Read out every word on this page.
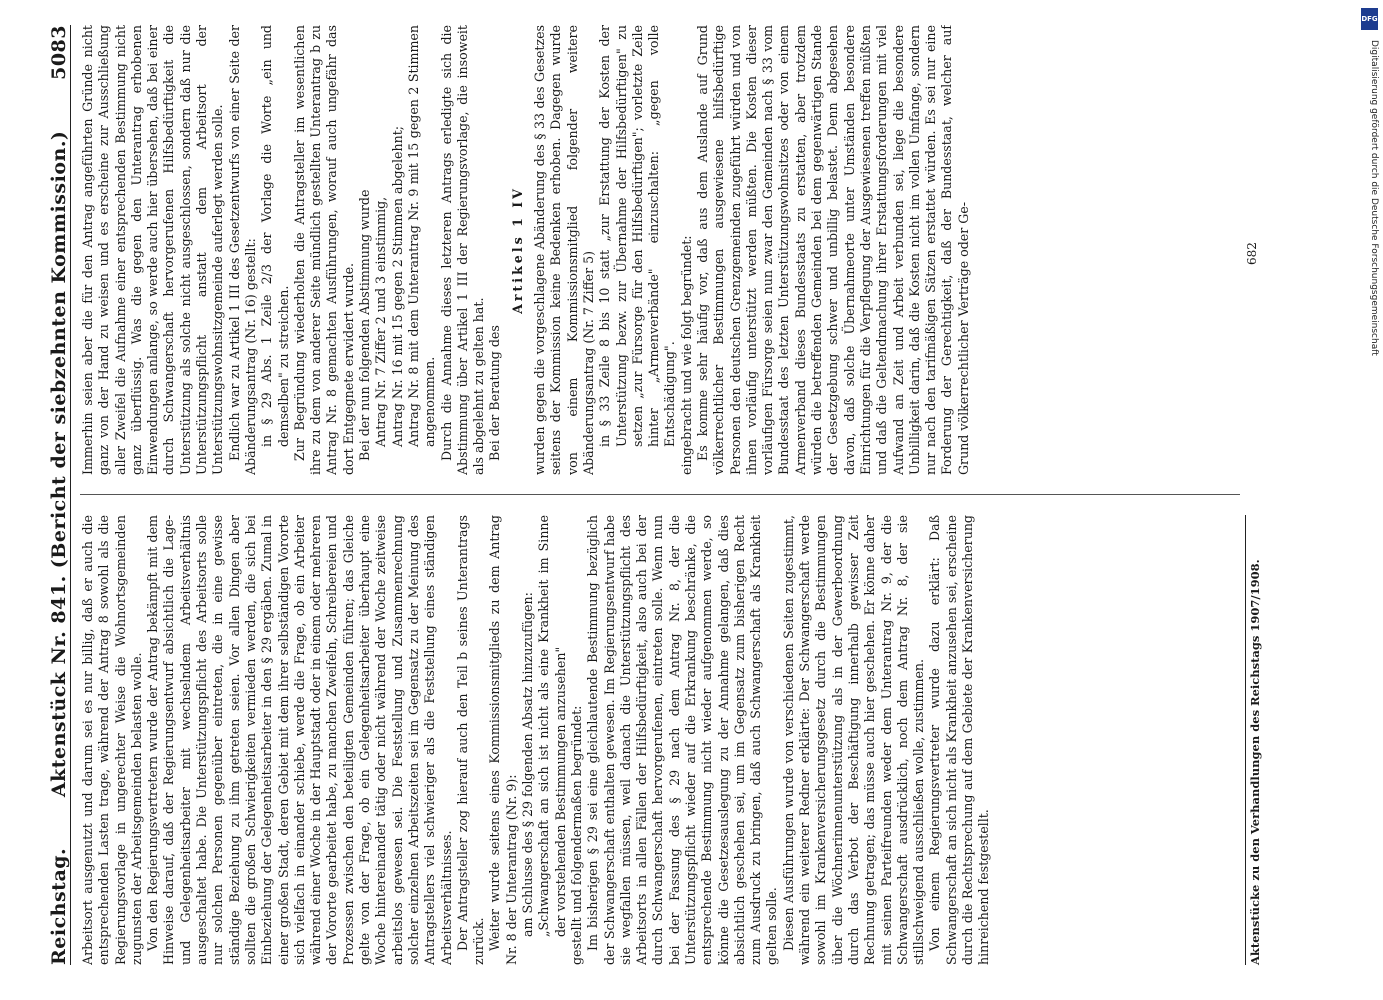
Reichstag.
Aktenstück Nr. 841. (Bericht der siebzehnten Kommission.)
5083

Arbeitsort ausgenutzt und darum sei es nur billig, daß er auch die entsprechenden Lasten trage, während der Antrag 8 sowohl als die Regierungsvorlage in ungerechter Weise die Wohnortsgemeinden zugunsten der Arbeitsgemeinden belasten wolle. Von den Regierungsvertretern wurde der Antrag bekämpft mit dem Hinweise darauf, daß der Regierungsentwurf absichtlich die Lage- und Gelegenheitsarbeiter mit wechselndem Arbeitsverhältnis ausgeschaltet habe. Die Unterstützungspflicht des Arbeitsorts solle nur solchen Personen gegenüber eintreten, die in eine gewisse ständige Beziehung zu ihm getreten seien. Vor allen Dingen aber sollten die großen Schwierigkeiten vermieden werden, die sich bei Einbeziehung der Gelegenheitsarbeiter in den § 29 ergäben. Zumal in einer großen Stadt, deren Gebiet mit dem ihrer selbständigen Vororte sich vielfach in einander schiebe, werde die Frage, ob ein Arbeiter während einer Woche in der Hauptstadt oder in einem oder mehreren der Vororte gearbeitet habe, zu manchen Zweifeln, Schreibereien und Prozessen zwischen den beteiligten Gemeinden führen; das Gleiche gelte von der Frage, ob ein Gelegenheitsarbeiter überhaupt eine Woche hintereinander tätig oder nicht während der Woche zeitweise arbeitslos gewesen sei. Die Feststellung und Zusammenrechnung solcher einzelnen Arbeitszeiten sei im Gegensatz zu der Meinung des Antragstellers viel schwieriger als die Feststellung eines ständigen Arbeitsverhältnisses. Der Antragsteller zog hierauf auch den Teil b seines Unterantrags zurück. Weiter wurde seitens eines Kommissionsmitglieds zu dem Antrag Nr. 8 der Unterantrag (Nr. 9): am Schlusse des § 29 folgenden Absatz hinzuzufügen: „Schwangerschaft an sich ist nicht als eine Krankheit im Sinne der vorstehenden Bestimmungen anzusehen" gestellt und folgendermaßen begründet: Im bisherigen § 29 sei eine gleichlautende Bestimmung bezüglich der Schwangerschaft enthalten gewesen. Im Regierungsentwurf habe sie wegfallen müssen, weil danach die Unterstützungspflicht des Arbeitsorts in allen Fällen der Hilfsbedürftigkeit, also auch bei der durch Schwangerschaft hervorgerufenen, eintreten solle. Wenn nun bei der Fassung des § 29 nach dem Antrag Nr. 8, der die Unterstützungspflicht wieder auf die Erkrankung beschränke, die entsprechende Bestimmung nicht wieder aufgenommen werde, so könne die Gesetzesauslegung zu der Annahme gelangen, daß dies absichtlich geschehen sei, um im Gegensatz zum bisherigen Recht zum Ausdruck zu bringen, daß auch Schwangerschaft als Krankheit gelten solle. Diesen Ausführungen wurde von verschiedenen Seiten zugestimmt, während ein weiterer Redner erklärte: Der Schwangerschaft werde sowohl im Krankenversicherungsgesetz durch die Bestimmungen über die Wöchnerinnenunterstützung als in der Gewerbeordnung durch das Verbot der Beschäftigung innerhalb gewisser Zeit Rechnung getragen; das müsse auch hier geschehen. Er könne daher mit seinen Parteifreunden weder dem Unterantrag Nr. 9, der die Schwangerschaft ausdrücklich, noch dem Antrag Nr. 8, der sie stillschweigend ausschließen wolle, zustimmen. Von einem Regierungsvertreter wurde dazu erklärt: Daß Schwangerschaft an sich nicht als Krankheit anzusehen sei, erscheine durch die Rechtsprechung auf dem Gebiete der Krankenversicherung hinreichend festgestellt.

Immerhin seien aber die für den Antrag angeführten Gründe nicht ganz von der Hand zu weisen und es erscheine zur Ausschließung aller Zweifel die Aufnahme einer entsprechenden Bestimmung nicht ganz überflüssig. Was die gegen den Unterantrag erhobenen Einwendungen anlange, so werde auch hier übersehen, daß bei einer durch Schwangerschaft hervorgerufenen Hilfsbedürftigkeit die Unterstützung als solche nicht ausgeschlossen, sondern daß nur die Unterstützungspflicht anstatt dem Arbeitsort der Unterstützungswohnsitzgemeinde auferlegt werden solle. Endlich war zu Artikel 1 III des Gesetzentwurfs von einer Seite der Abänderungsantrag (Nr. 16) gestellt: in § 29 Abs. 1 Zeile 2/3 der Vorlage die Worte „ein und demselben" zu streichen. Zur Begründung wiederholten die Antragsteller im wesentlichen ihre zu dem von anderer Seite mündlich gestellten Unterantrag b zu Antrag Nr. 8 gemachten Ausführungen, worauf auch ungefähr das dort Entgegnete erwidert wurde. Bei der nun folgenden Abstimmung wurde Antrag Nr. 7 Ziffer 2 und 3 einstimmig, Antrag Nr. 16 mit 15 gegen 2 Stimmen abgelehnt; Antrag Nr. 8 mit dem Unterantrag Nr. 9 mit 15 gegen 2 Stimmen angenommen. Durch die Annahme dieses letzteren Antrags erledigte sich die Abstimmung über Artikel 1 III der Regierungsvorlage, die insoweit als abgelehnt zu gelten hat. Bei der Beratung des

Artikels 1 IV wurden gegen die vorgeschlagene Abänderung des § 33 des Gesetzes seitens der Kommission keine Bedenken erhoben. Dagegen wurde von einem Kommissionsmitglied folgender weitere Abänderungsantrag (Nr. 7 Ziffer 5) in § 33 Zeile 8 bis 10 statt „zur Erstattung der Kosten der Unterstützung bezw. zur Übernahme der Hilfsbedürftigen" zu setzen „zur Fürsorge für den Hilfsbedürftigen"; vorletzte Zeile hinter „Armenverbände" einzuschalten: „gegen volle Entschädigung". eingebracht und wie folgt begründet: Es komme sehr häufig vor, daß aus dem Auslande auf Grund völkerrechtlicher Bestimmungen ausgewiesene hilfsbedürftige Personen den deutschen Grenzgemeinden zugeführt würden und von ihnen vorläufig unterstützt werden müßten. Die Kosten dieser vorläufigen Fürsorge seien nun zwar den Gemeinden nach § 33 vom Bundesstaat des letzten Unterstützungswohnsitzes oder von einem Armenverband dieses Bundesstaats zu erstatten, aber trotzdem würden die betreffenden Gemeinden bei dem gegenwärtigen Stande der Gesetzgebung schwer und unbillig belastet. Denn abgesehen davon, daß solche Übernahmeorte unter Umständen besondere Einrichtungen für die Verpflegung der Ausgewiesenen treffen müßten und daß die Geltendmachung ihrer Erstattungsforderungen mit viel Aufwand an Zeit und Arbeit verbunden sei, liege die besondere Unbilligkeit darin, daß die Kosten nicht im vollen Umfange, sondern nur nach den tarifmäßigen Sätzen erstattet würden. Es sei nur eine Forderung der Gerechtigkeit, daß der Bundesstaat, welcher auf Grund völkerrechtlicher Verträge oder Ge-

Aktenstücke zu den Verhandlungen des Reichstags 1907/1908.
682
DFG
Digitalisierung gefördert durch die Deutsche Forschungsgemeinschaft
